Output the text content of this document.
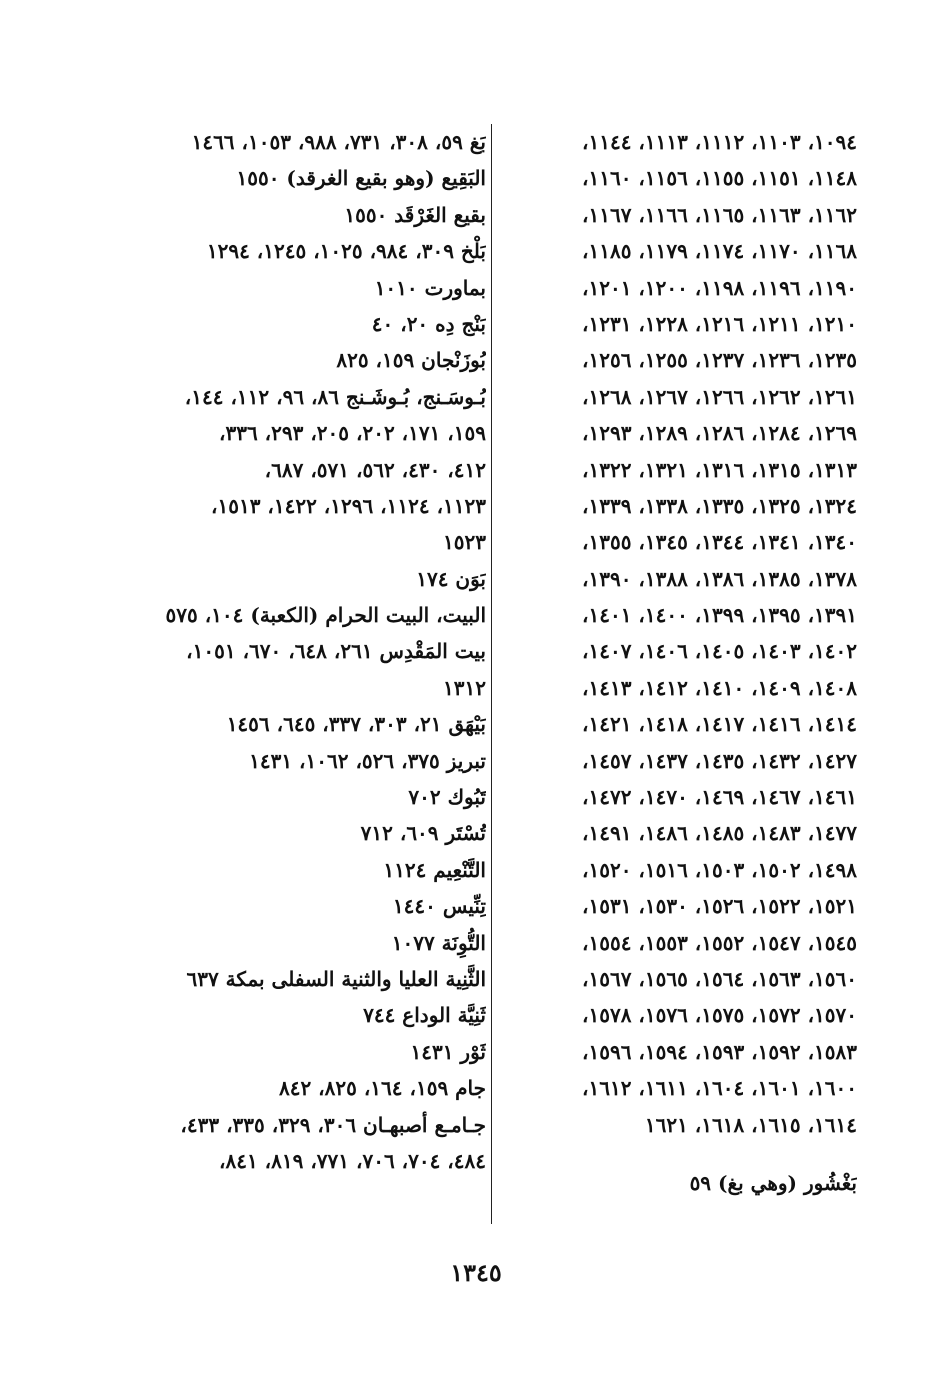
١٠٩٤، ١١٠٣، ١١١٢، ١١١٣، ١١٤٤،
١١٤٨، ١١٥١، ١١٥٥، ١١٥٦، ١١٦٠،
١١٦٢، ١١٦٣، ١١٦٥، ١١٦٦، ١١٦٧،
١١٦٨، ١١٧٠، ١١٧٤، ١١٧٩، ١١٨٥،
١١٩٠، ١١٩٦، ١١٩٨، ١٢٠٠، ١٢٠١،
١٢١٠، ١٢١١، ١٢١٦، ١٢٢٨، ١٢٣١،
١٢٣٥، ١٢٣٦، ١٢٣٧، ١٢٥٥، ١٢٥٦،
١٢٦١، ١٢٦٢، ١٢٦٦، ١٢٦٧، ١٢٦٨،
١٢٦٩، ١٢٨٤، ١٢٨٦، ١٢٨٩، ١٢٩٣،
١٣١٣، ١٣١٥، ١٣١٦، ١٣٢١، ١٣٢٢،
١٣٢٤، ١٣٢٥، ١٣٣٥، ١٣٣٨، ١٣٣٩،
١٣٤٠، ١٣٤١، ١٣٤٤، ١٣٤٥، ١٣٥٥،
١٣٧٨، ١٣٨٥، ١٣٨٦، ١٣٨٨، ١٣٩٠،
١٣٩١، ١٣٩٥، ١٣٩٩، ١٤٠٠، ١٤٠١،
١٤٠٢، ١٤٠٣، ١٤٠٥، ١٤٠٦، ١٤٠٧،
١٤٠٨، ١٤٠٩، ١٤١٠، ١٤١٢، ١٤١٣،
١٤١٤، ١٤١٦، ١٤١٧، ١٤١٨، ١٤٢١،
١٤٢٧، ١٤٣٢، ١٤٣٥، ١٤٣٧، ١٤٥٧،
١٤٦١، ١٤٦٧، ١٤٦٩، ١٤٧٠، ١٤٧٢،
١٤٧٧، ١٤٨٣، ١٤٨٥، ١٤٨٦، ١٤٩١،
١٤٩٨، ١٥٠٢، ١٥٠٣، ١٥١٦، ١٥٢٠،
١٥٢١، ١٥٢٢، ١٥٢٦، ١٥٣٠، ١٥٣١،
١٥٤٥، ١٥٤٧، ١٥٥٢، ١٥٥٣، ١٥٥٤،
١٥٦٠، ١٥٦٣، ١٥٦٤، ١٥٦٥، ١٥٦٧،
١٥٧٠، ١٥٧٢، ١٥٧٥، ١٥٧٦، ١٥٧٨،
١٥٨٣، ١٥٩٢، ١٥٩٣، ١٥٩٤، ١٥٩٦،
١٦٠٠، ١٦٠١، ١٦٠٤، ١٦١١، ١٦١٢،
١٦١٤، ١٦١٥، ١٦١٨، ١٦٢١
بَغْشُور (وهي بغ) ٥٩
بَغ ٥٩، ٣٠٨، ٧٣١، ٩٨٨، ١٠٥٣، ١٤٦٦
البَقِيع (وهو بقيع الغرقد) ١٥٥٠
بقيع الغَرْقَد ١٥٥٠
بَلْخ ٣٠٩، ٩٨٤، ١٠٢٥، ١٢٤٥، ١٢٩٤
بماورت ١٠١٠
بَنْج دِه ٢٠، ٤٠
بُوزَنْجان ١٥٩، ٨٢٥
بُـوسَـنج، بُـوشَـنج ٨٦، ٩٦، ١١٢، ١٤٤،
١٥٩، ١٧١، ٢٠٢، ٢٠٥، ٢٩٣، ٣٣٦،
٤١٢، ٤٣٠، ٥٦٢، ٥٧١، ٦٨٧،
١١٢٣، ١١٢٤، ١٢٩٦، ١٤٢٢، ١٥١٣،
١٥٢٣
بَوَن ١٧٤
البيت، البيت الحرام (الكعبة) ١٠٤، ٥٧٥
بيت المَقْدِس ٢٦١، ٦٤٨، ٦٧٠، ١٠٥١،
١٣١٢
بَيْهَق ٢١، ٣٠٣، ٣٣٧، ٦٤٥، ١٤٥٦
تبريز ٣٧٥، ٥٢٦، ١٠٦٢، ١٤٣١
تَبُوك ٧٠٢
تُسْتَر ٦٠٩، ٧١٢
التَّنْعِيم ١١٢٤
تِنِّيس ١٤٤٠
التُّوِنَة ١٠٧٧
الثَّنِية العليا والثنية السفلى بمكة ٦٣٧
ثَنِيَّة الوداع ٧٤٤
ثَوْر ١٤٣١
جام ١٥٩، ١٦٤، ٨٢٥، ٨٤٢
جـامـع أصبهـان ٣٠٦، ٣٢٩، ٣٣٥، ٤٣٣،
٤٨٤، ٧٠٤، ٧٠٦، ٧٧١، ٨١٩، ٨٤١،
١٣٤٥
